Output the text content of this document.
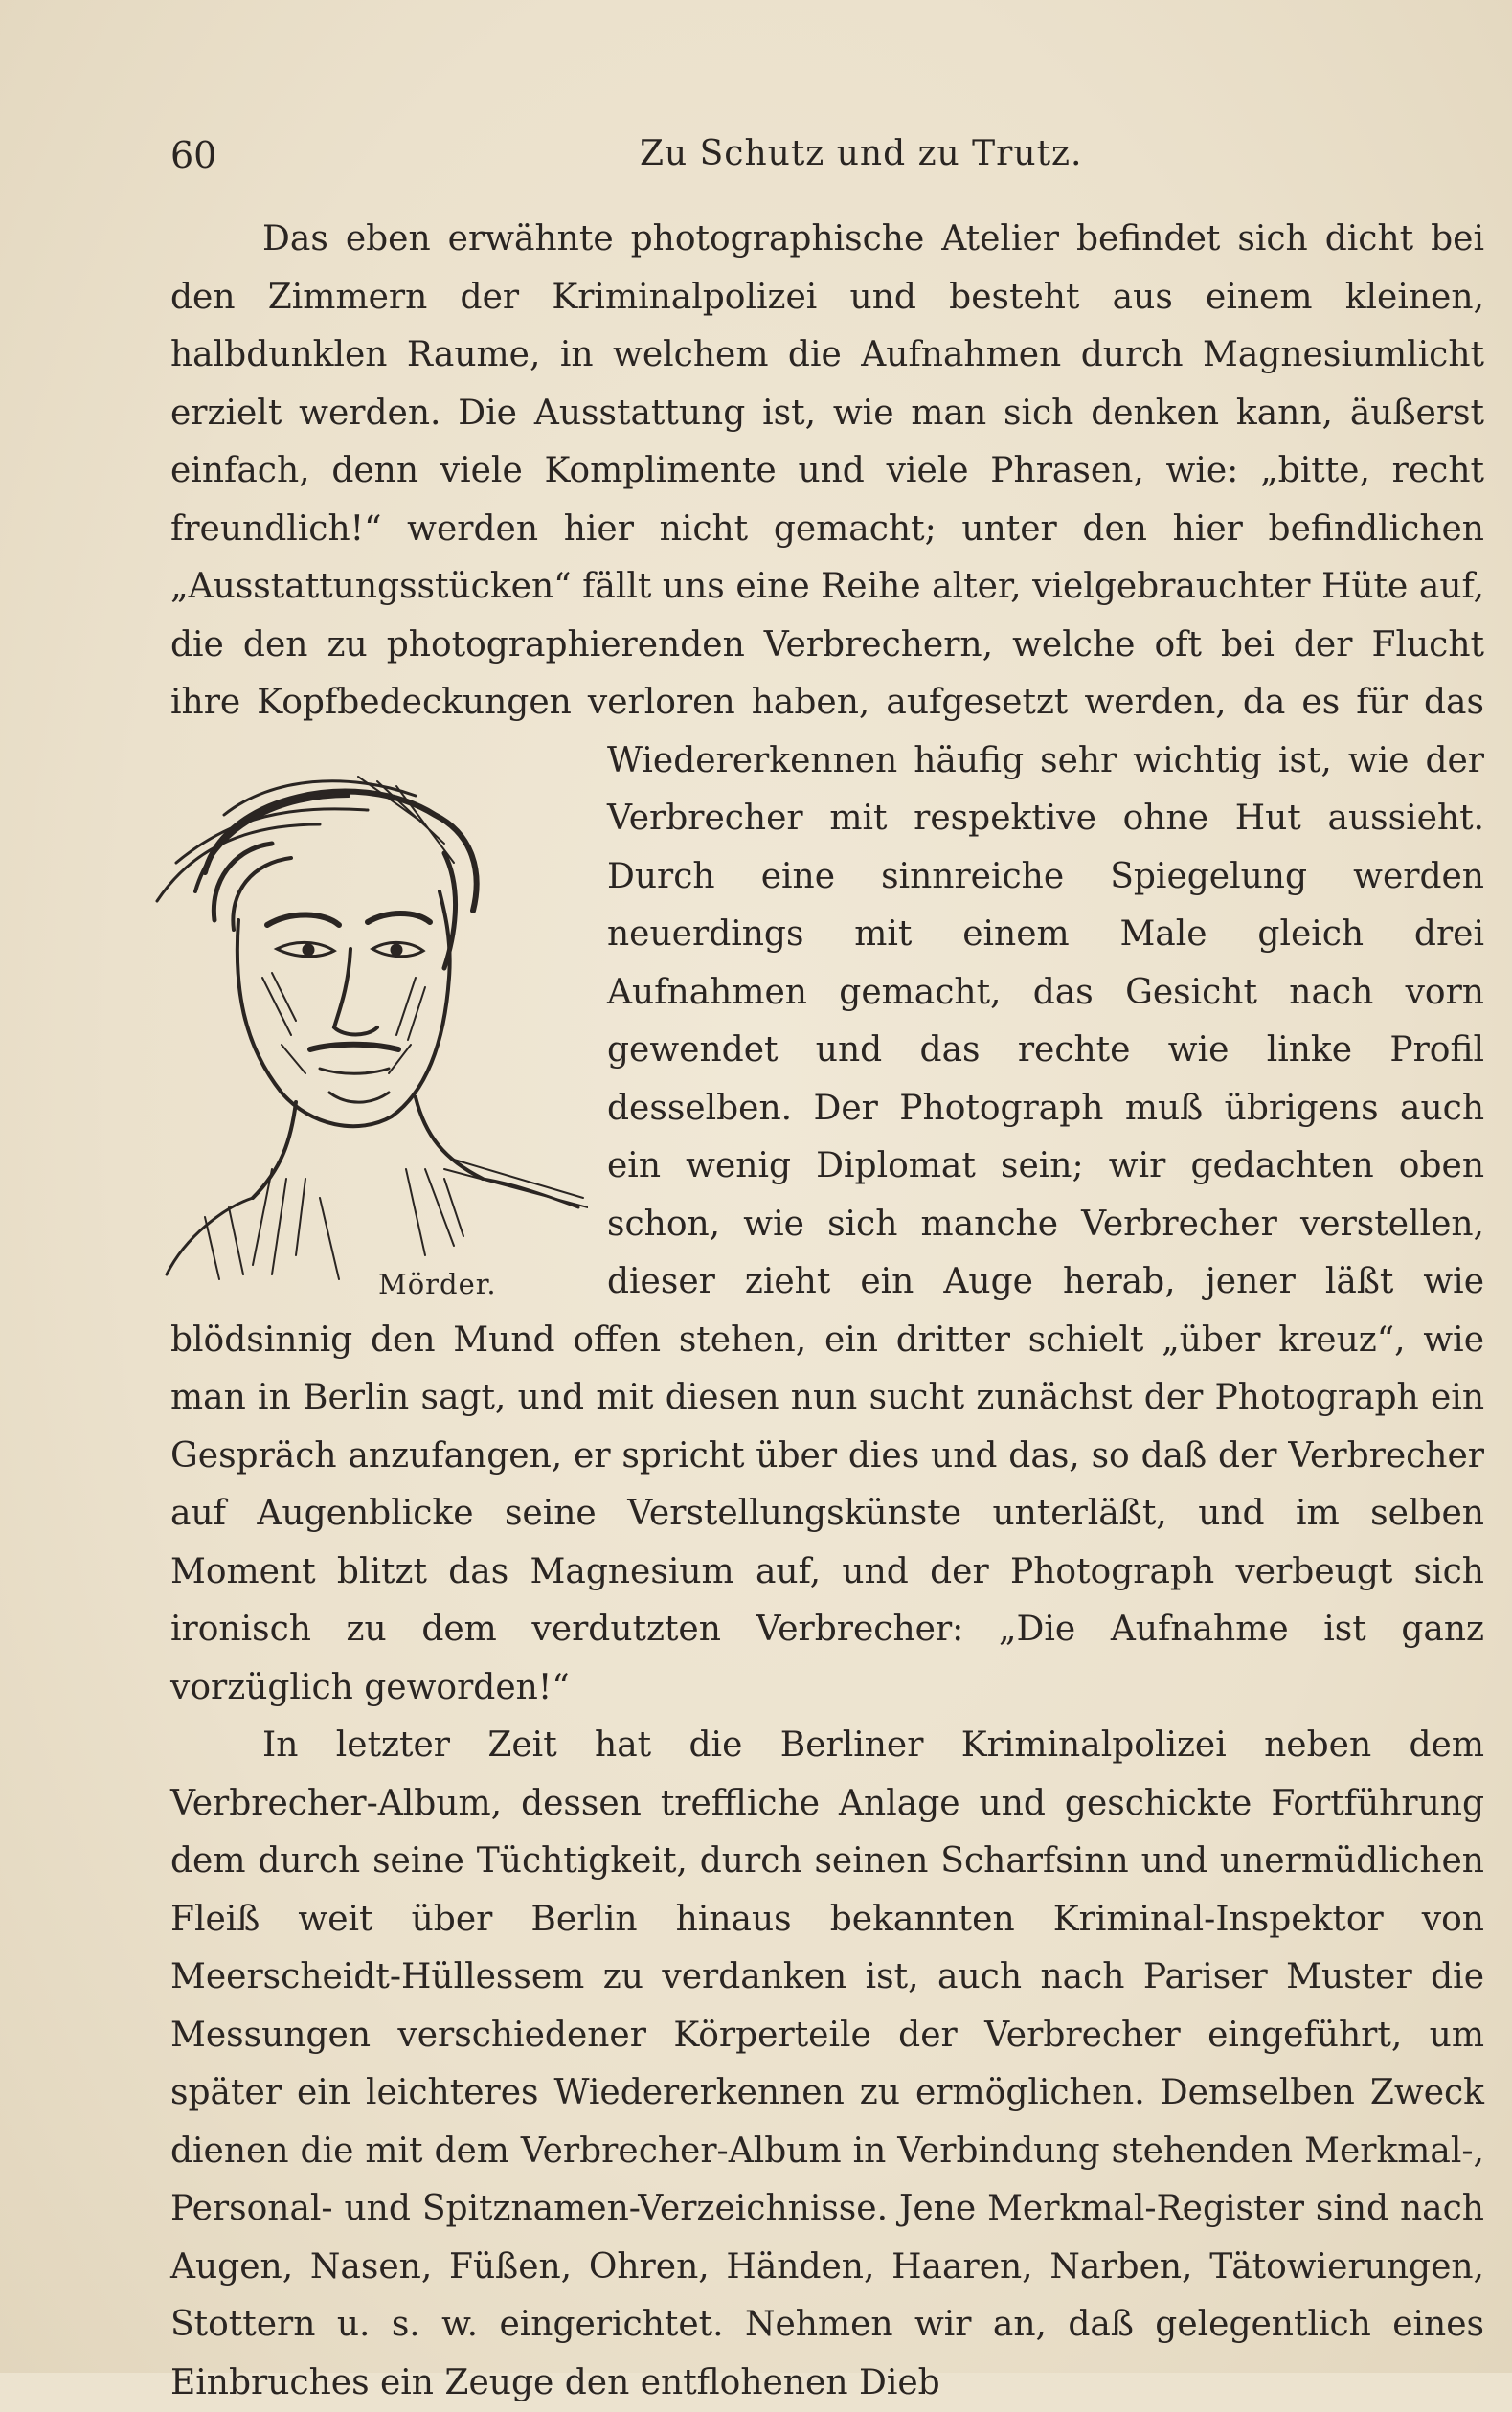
60	Zu Schutz und zu Trutz.

Das eben erwähnte photographische Atelier befindet sich dicht bei den Zimmern der Kriminalpolizei und besteht aus einem kleinen, halbdunklen Raume, in welchem die Aufnahmen durch Magnesiumlicht erzielt werden. Die Ausstattung ist, wie man sich denken kann, äußerst einfach, denn viele Komplimente und viele Phrasen, wie: „bitte, recht freundlich!“ werden hier nicht gemacht; unter den hier befindlichen „Ausstattungsstücken“ fällt uns eine Reihe alter, vielgebrauchter Hüte auf, die den zu photographierenden Verbrechern, welche oft bei der Flucht ihre Kopfbedeckungen verloren haben, aufgesetzt werden, da es für das Wiedererkennen häufig sehr wichtig ist,
Mörder.
wie der Verbrecher mit respektive ohne Hut aussieht. Durch eine sinnreiche Spiegelung werden neuerdings mit einem Male gleich drei Aufnahmen gemacht, das Gesicht nach vorn gewendet und das rechte wie linke Profil desselben. Der Photograph muß übrigens auch ein wenig Diplomat sein; wir gedachten oben schon, wie sich manche Verbrecher verstellen, dieser zieht ein Auge herab, jener läßt wie blödsinnig den Mund offen stehen, ein dritter schielt „über kreuz“, wie man in Berlin sagt, und mit diesen nun sucht zunächst der Photograph ein Gespräch anzufangen, er spricht über dies und das, so daß der Verbrecher auf Augenblicke seine Verstellungskünste unterläßt, und im selben Moment blitzt das Magnesium auf, und der Photograph verbeugt sich ironisch zu dem verdutzten Verbrecher: „Die Aufnahme ist ganz vorzüglich geworden!“

In letzter Zeit hat die Berliner Kriminalpolizei neben dem Verbrecher-Album, dessen treffliche Anlage und geschickte Fortführung dem durch seine Tüchtigkeit, durch seinen Scharfsinn und unermüdlichen Fleiß weit über Berlin hinaus bekannten Kriminal-Inspektor von Meerscheidt-Hüllessem zu verdanken ist, auch nach Pariser Muster die Messungen verschiedener Körperteile der Verbrecher eingeführt, um später ein leichteres Wiedererkennen zu ermöglichen. Demselben Zweck dienen die mit dem Verbrecher-Album in Verbindung stehenden Merkmal-, Personal- und Spitznamen-Verzeichnisse. Jene Merkmal-Register sind nach Augen, Nasen, Füßen, Ohren, Händen, Haaren, Narben, Tätowierungen, Stottern u. s. w. eingerichtet. Nehmen wir an, daß gelegentlich eines Einbruches ein Zeuge den entflohenen Dieb
